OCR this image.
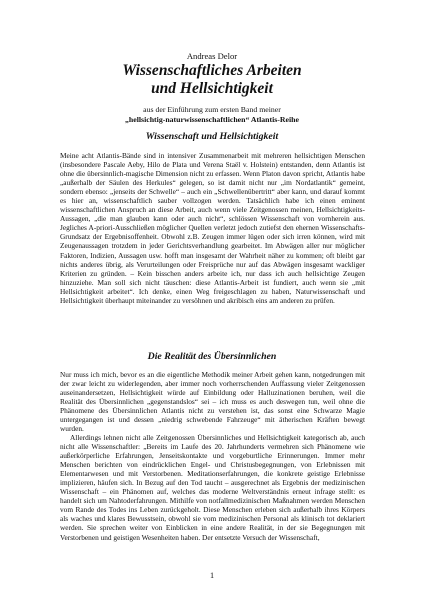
Andreas Delor
Wissenschaftliches Arbeiten
und Hellsichtigkeit
aus der Einführung zum ersten Band meiner
„hellsichtig-naturwissenschaftlichen“ Atlantis-Reihe
Wissenschaft und Hellsichtigkeit
Meine acht Atlantis-Bände sind in intensiver Zusammenarbeit mit mehreren hellsichtigen Menschen (insbesondere Pascale Aeby, Hilo de Plata und Verena Staël v. Holstein) entstanden, denn Atlantis ist ohne die übersinnlich-magische Dimension nicht zu erfassen. Wenn Platon davon spricht, Atlantis habe „außerhalb der Säulen des Herkules“ gelegen, so ist damit nicht nur „im Nordatlantik“ gemeint, sondern ebenso: „jenseits der Schwelle“ – auch ein „Schwellenübertritt“ aber kann, und darauf kommt es hier an, wissenschaftlich sauber vollzogen werden. Tatsächlich habe ich einen eminent wissenschaftlichen Anspruch an diese Arbeit, auch wenn viele Zeitgenossen meinen, Hellsichtigkeits-Aussagen, „die man glauben kann oder auch nicht“, schlössen Wissenschaft von vornherein aus. Jegliches A-priori-Ausschließen möglicher Quellen verletzt jedoch zutiefst den ehernen Wissenschafts-Grundsatz der Ergebnisoffenheit. Obwohl z.B. Zeugen immer lügen oder sich irren können, wird mit Zeugenaussagen trotzdem in jeder Gerichtsverhandlung gearbeitet. Im Abwägen aller nur möglicher Faktoren, Indizien, Aussagen usw. hofft man insgesamt der Wahrheit näher zu kommen; oft bleibt gar nichts anderes übrig, als Verurteilungen oder Freisprüche nur auf das Abwägen insgesamt wackliger Kriterien zu gründen. – Kein bisschen anders arbeite ich, nur dass ich auch hellsichtige Zeugen hinzuziehe. Man soll sich nicht täuschen: diese Atlantis-Arbeit ist fundiert, auch wenn sie „mit Hellsichtigkeit arbeitet“. Ich denke, einen Weg freigeschlagen zu haben, Naturwissenschaft und Hellsichtigkeit überhaupt miteinander zu versöhnen und akribisch eins am anderen zu prüfen.
Die Realität des Übersinnlichen
Nur muss ich mich, bevor es an die eigentliche Methodik meiner Arbeit gehen kann, notgedrungen mit der zwar leicht zu widerlegenden, aber immer noch vorherrschenden Auffassung vieler Zeitgenossen auseinandersetzen, Hellsichtigkeit würde auf Einbildung oder Halluzinationen beruhen, weil die Realität des Übersinnlichen „gegenstandslos“ sei – ich muss es auch deswegen tun, weil ohne die Phänomene des Übersinnlichen Atlantis nicht zu verstehen ist, das sonst eine Schwarze Magie untergegangen ist und dessen „niedrig schwebende Fahrzeuge“ mit ätherischen Kräften bewegt wurden.
Allerdings lehnen nicht alle Zeitgenossen Übersinnliches und Hellsichtigkeit kategorisch ab, auch nicht alle Wissenschaftler: „Bereits im Laufe des 20. Jahrhunderts vermehren sich Phänomene wie außerkörperliche Erfahrungen, Jenseitskontakte und vorgeburtliche Erinnerungen. Immer mehr Menschen berichten von eindrücklichen Engel- und Christusbegegnungen, von Erlebnissen mit Elementarwesen und mit Verstorbenen. Meditationserfahrungen, die konkrete geistige Erlebnisse implizieren, häufen sich. In Bezug auf den Tod taucht – ausgerechnet als Ergebnis der medizinischen Wissenschaft – ein Phänomen auf, welches das moderne Weltverständnis erneut infrage stellt: es handelt sich um Nahtoderfahrungen. Mithilfe von notfallmedizinischen Maßnahmen werden Menschen vom Rande des Todes ins Leben zurückgeholt. Diese Menschen erleben sich außerhalb ihres Körpers als waches und klares Bewusstsein, obwohl sie vom medizinischen Personal als klinisch tot deklariert werden. Sie sprechen weiter von Einblicken in eine andere Realität, in der sie Begegnungen mit Verstorbenen und geistigen Wesenheiten haben. Der entsetzte Versuch der Wissenschaft,
1
